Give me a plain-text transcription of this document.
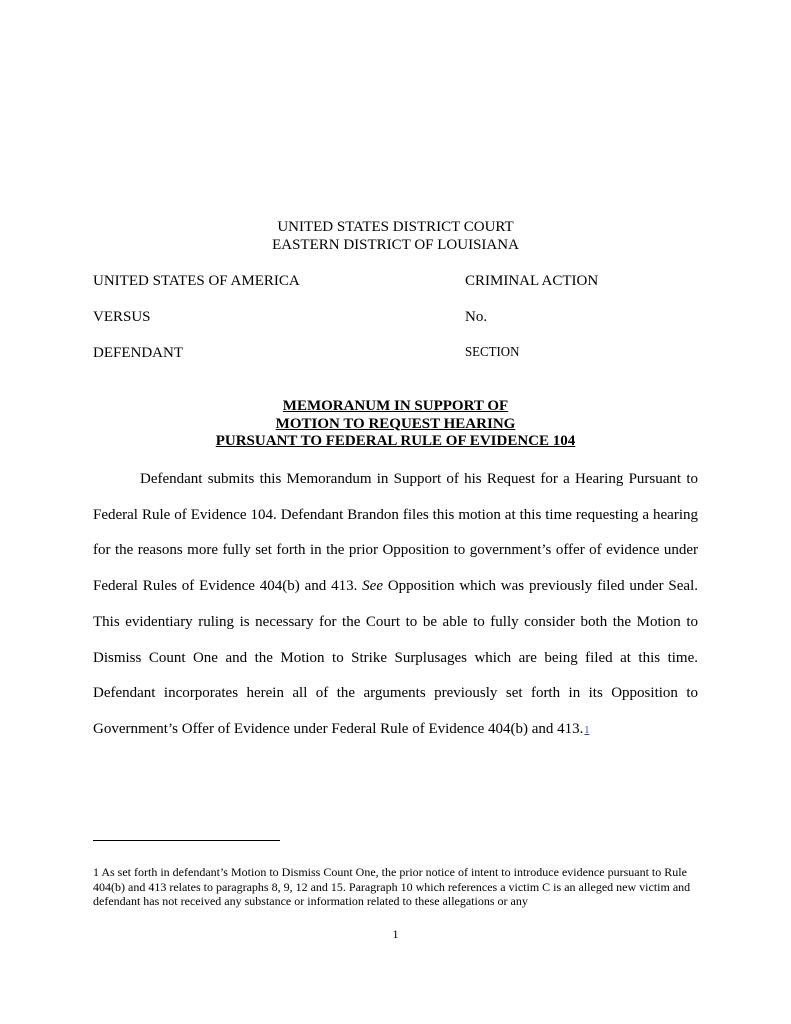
UNITED STATES DISTRICT COURT
EASTERN DISTRICT OF LOUISIANA
UNITED STATES OF AMERICA	CRIMINAL ACTION
VERSUS	No.
DEFENDANT	SECTION
MEMORANUM IN SUPPORT OF
MOTION TO REQUEST HEARING
PURSUANT TO FEDERAL RULE OF EVIDENCE 104

Defendant submits this Memorandum in Support of his Request for a Hearing Pursuant to Federal Rule of Evidence 104. Defendant Brandon files this motion at this time requesting a hearing for the reasons more fully set forth in the prior Opposition to government’s offer of evidence under Federal Rules of Evidence 404(b) and 413. See Opposition which was previously filed under Seal. This evidentiary ruling is necessary for the Court to be able to fully consider both the Motion to Dismiss Count One and the Motion to Strike Surplusages which are being filed at this time. Defendant incorporates herein all of the arguments previously set forth in its Opposition to Government’s Offer of Evidence under Federal Rule of Evidence 404(b) and 413.1

1 As set forth in defendant’s Motion to Dismiss Count One, the prior notice of intent to introduce evidence pursuant to Rule 404(b) and 413 relates to paragraphs 8, 9, 12 and 15. Paragraph 10 which references a victim C is an alleged new victim and defendant has not received any substance or information related to these allegations or any
1
